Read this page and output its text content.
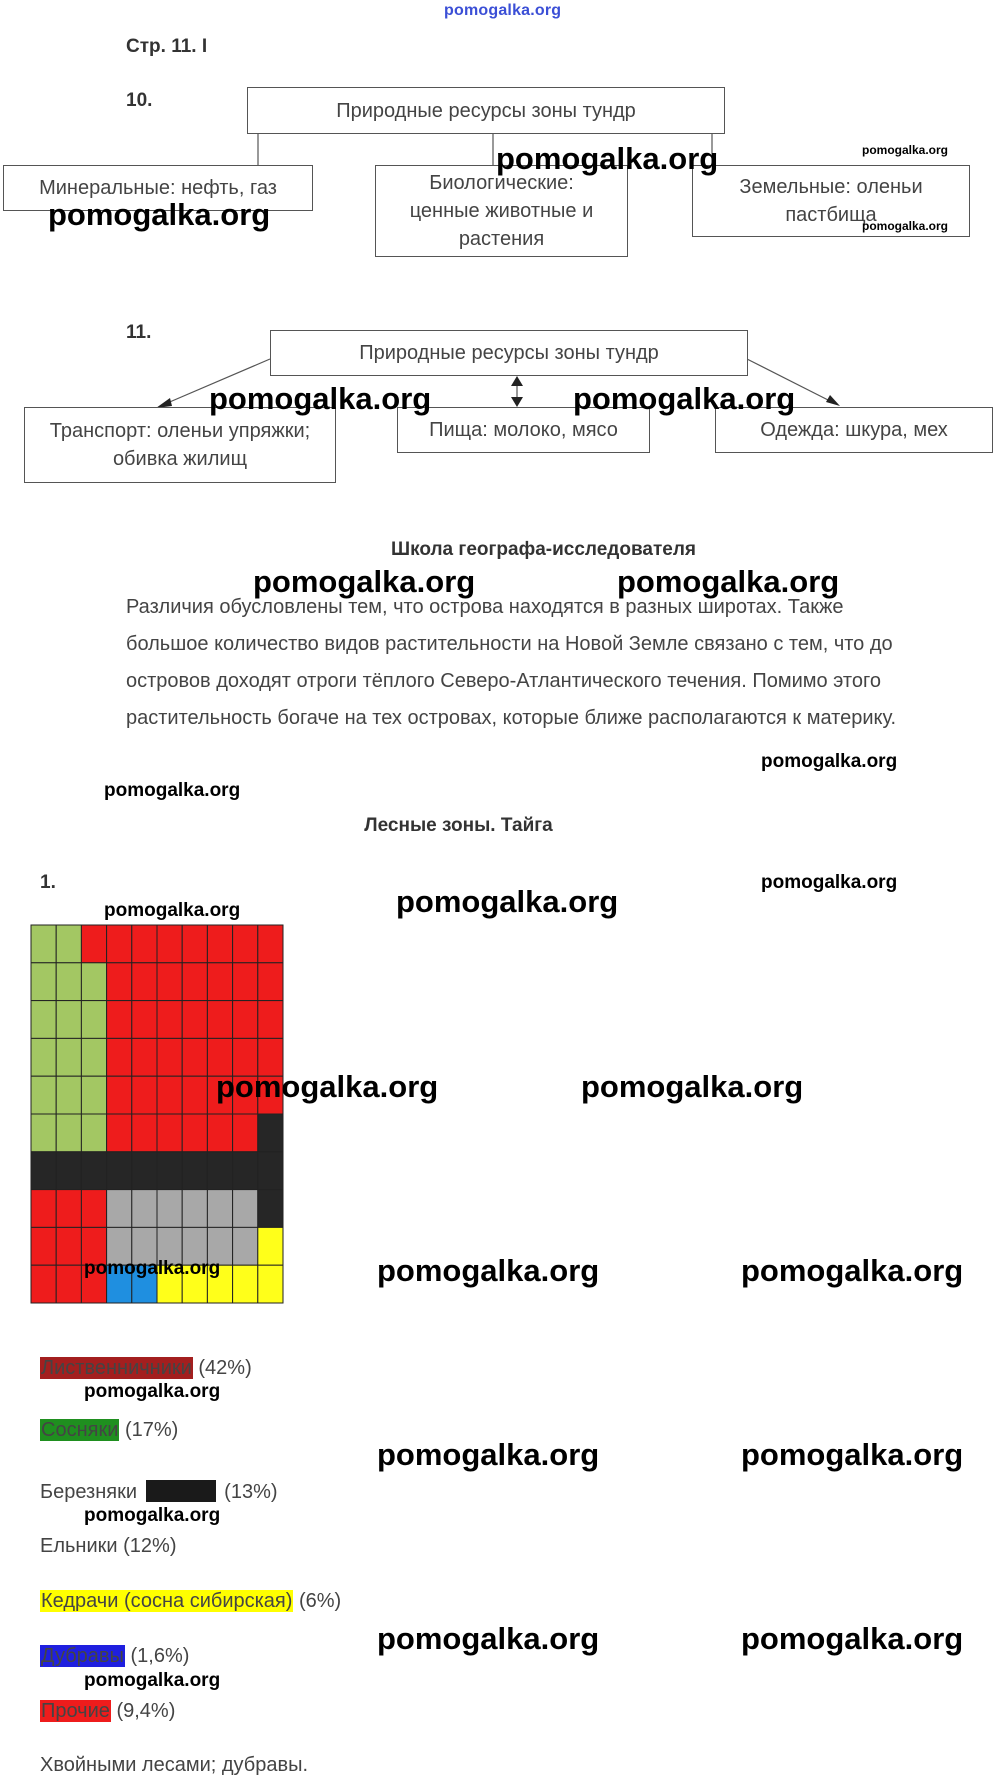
pomogalka.org
Стр. 11. I
10.	Природные ресурсы зоны тундр
Минеральные: нефть, газ	Биологические:
ценные животные и
растения
Земельные: оленьи
пастбища
11.
Природные ресурсы зоны тундр
Транспорт: оленьи упряжки;
обивка жилищ
Пища: молоко, мясо	Одежда: шкура, мех
Школа географа-исследователя
Различия обусловлены тем, что острова находятся в разных широтах. Также
большое количество видов растительности на Новой Земле связано с тем, что до
островов доходят отроги тёплого Северо-Атлантического течения. Помимо этого
растительность богаче на тех островах, которые ближе располагаются к материку.
Лесные зоны. Тайга
1.
Лиственничники (42%)
Сосняки (17%)
Березняки	(13%)
Ельники (12%)
Кедрачи (сосна сибирская) (6%)
Дубравы (1,6%)
Прочие (9,4%)
Хвойными лесами; дубравы.
pomogalka.org	pomogalka.org
pomogalka.org
pomogalka.org
pomogalka.org	pomogalka.org
pomogalka.org	pomogalka.org
pomogalka.org
pomogalka.org
pomogalka.org
pomogalka.org	pomogalka.org
pomogalka.org	pomogalka.org
pomogalka.org	pomogalka.org	pomogalka.org
pomogalka.org
pomogalka.org	pomogalka.org
pomogalka.org
pomogalka.org	pomogalka.org
pomogalka.org
